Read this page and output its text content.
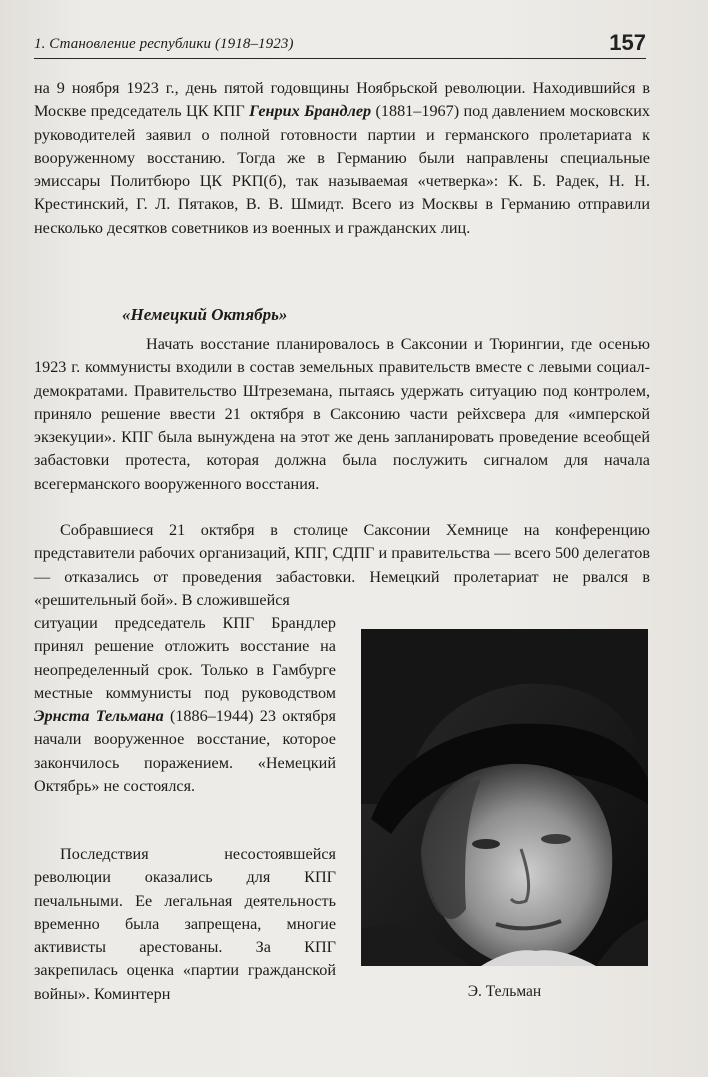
1. Становление республики (1918–1923)	157
на 9 ноября 1923 г., день пятой годовщины Ноябрьской революции. Находившийся в Москве председатель ЦК КПГ Генрих Брандлер (1881–1967) под давлением московских руководителей заявил о полной готовности партии и германского пролетариата к вооруженному восстанию. Тогда же в Германию были направлены специальные эмиссары Политбюро ЦК РКП(б), так называемая «четверка»: К. Б. Радек, Н. Н. Крестинский, Г. Л. Пятаков, В. В. Шмидт. Всего из Москвы в Германию отправили несколько десятков советников из военных и гражданских лиц.
«Немецкий Октябрь»
Начать восстание планировалось в Саксонии и Тюрингии, где осенью 1923 г. коммунисты входили в состав земельных правительств вместе с левыми социал-демократами. Правительство Штреземана, пытаясь удержать ситуацию под контролем, приняло решение ввести 21 октября в Саксонию части рейхсвера для «имперской экзекуции». КПГ была вынуждена на этот же день запланировать проведение всеобщей забастовки протеста, которая должна была послужить сигналом для начала всегерманского вооруженного восстания.
Собравшиеся 21 октября в столице Саксонии Хемнице на конференцию представители рабочих организаций, КПГ, СДПГ и правительства — всего 500 делегатов — отказались от проведения забастовки. Немецкий пролетариат не рвался в «решительный бой». В сложившейся
ситуации председатель КПГ Брандлер принял решение отложить восстание на неопределенный срок. Только в Гамбурге местные коммунисты под руководством Эрнста Тельмана (1886–1944) 23 октября начали вооруженное восстание, которое закончилось поражением. «Немецкий Октябрь» не состоялся.
Последствия несостоявшейся революции оказались для КПГ печальными. Ее легальная деятельность временно была запрещена, многие активисты арестованы. За КПГ закрепилась оценка «партии гражданской войны». Коминтерн	Э. Тельман
